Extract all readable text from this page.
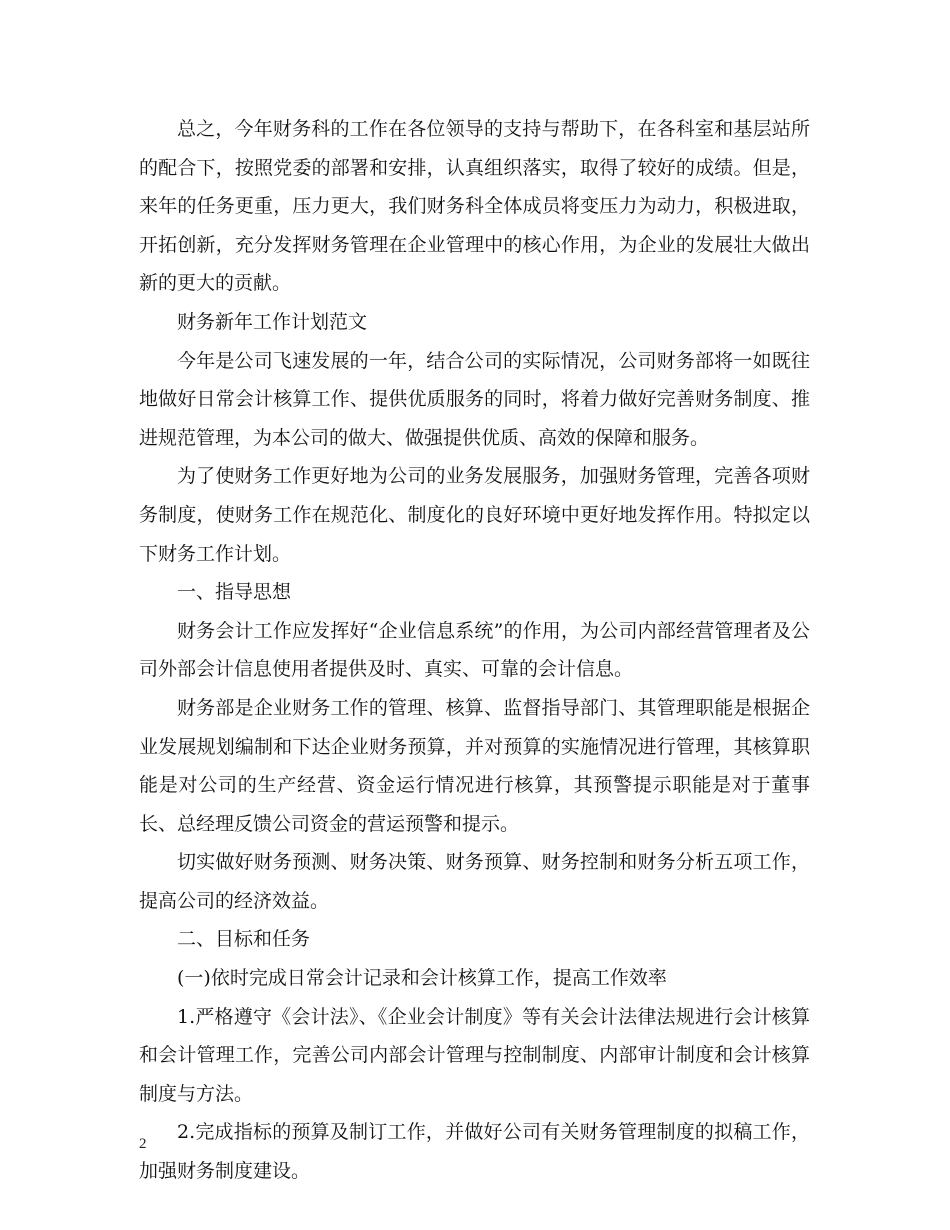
总之，今年财务科的工作在各位领导的支持与帮助下，在各科室和基层站所的配合下，按照党委的部署和安排，认真组织落实，取得了较好的成绩。但是，来年的任务更重，压力更大，我们财务科全体成员将变压力为动力，积极进取，开拓创新，充分发挥财务管理在企业管理中的核心作用，为企业的发展壮大做出新的更大的贡献。

财务新年工作计划范文

今年是公司飞速发展的一年，结合公司的实际情况，公司财务部将一如既往地做好日常会计核算工作、提供优质服务的同时，将着力做好完善财务制度、推进规范管理，为本公司的做大、做强提供优质、高效的保障和服务。

为了使财务工作更好地为公司的业务发展服务，加强财务管理，完善各项财务制度，使财务工作在规范化、制度化的良好环境中更好地发挥作用。特拟定以下财务工作计划。

一、指导思想

财务会计工作应发挥好“企业信息系统”的作用，为公司内部经营管理者及公司外部会计信息使用者提供及时、真实、可靠的会计信息。

财务部是企业财务工作的管理、核算、监督指导部门、其管理职能是根据企业发展规划编制和下达企业财务预算，并对预算的实施情况进行管理，其核算职能是对公司的生产经营、资金运行情况进行核算，其预警提示职能是对于董事长、总经理反馈公司资金的营运预警和提示。

切实做好财务预测、财务决策、财务预算、财务控制和财务分析五项工作，提高公司的经济效益。

二、目标和任务

(一)依时完成日常会计记录和会计核算工作，提高工作效率

1.严格遵守《会计法》、《企业会计制度》等有关会计法律法规进行会计核算和会计管理工作，完善公司内部会计管理与控制制度、内部审计制度和会计核算制度与方法。

2.完成指标的预算及制订工作，并做好公司有关财务管理制度的拟稿工作，加强财务制度建设。

2
